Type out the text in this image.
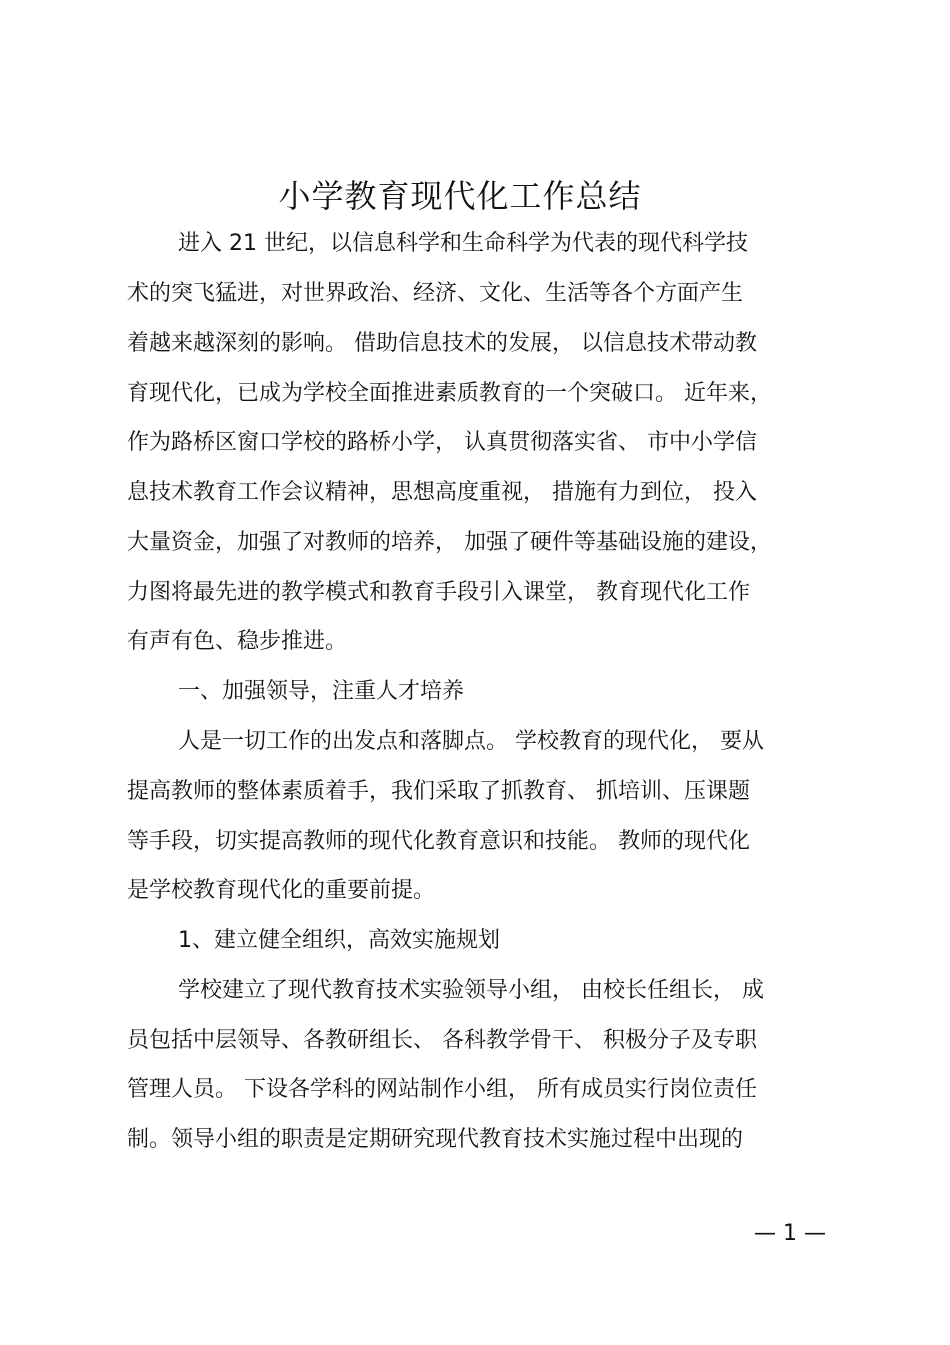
小学教育现代化工作总结
进入 21 世纪，以信息科学和生命科学为代表的现代科学技
术的突飞猛进，对世界政治、经济、文化、生活等各个方面产生
着越来越深刻的影响。 借助信息技术的发展， 以信息技术带动教
育现代化，已成为学校全面推进素质教育的一个突破口。 近年来，
作为路桥区窗口学校的路桥小学， 认真贯彻落实省、 市中小学信
息技术教育工作会议精神，思想高度重视， 措施有力到位， 投入
大量资金，加强了对教师的培养， 加强了硬件等基础设施的建设，
力图将最先进的教学模式和教育手段引入课堂， 教育现代化工作
有声有色、稳步推进。
一、加强领导，注重人才培养
人是一切工作的出发点和落脚点。 学校教育的现代化， 要从
提高教师的整体素质着手，我们采取了抓教育、 抓培训、压课题
等手段，切实提高教师的现代化教育意识和技能。 教师的现代化
是学校教育现代化的重要前提。
1、建立健全组织，高效实施规划
学校建立了现代教育技术实验领导小组， 由校长任组长， 成
员包括中层领导、各教研组长、 各科教学骨干、 积极分子及专职
管理人员。 下设各学科的网站制作小组， 所有成员实行岗位责任
制。领导小组的职责是定期研究现代教育技术实施过程中出现的
— 1 —
